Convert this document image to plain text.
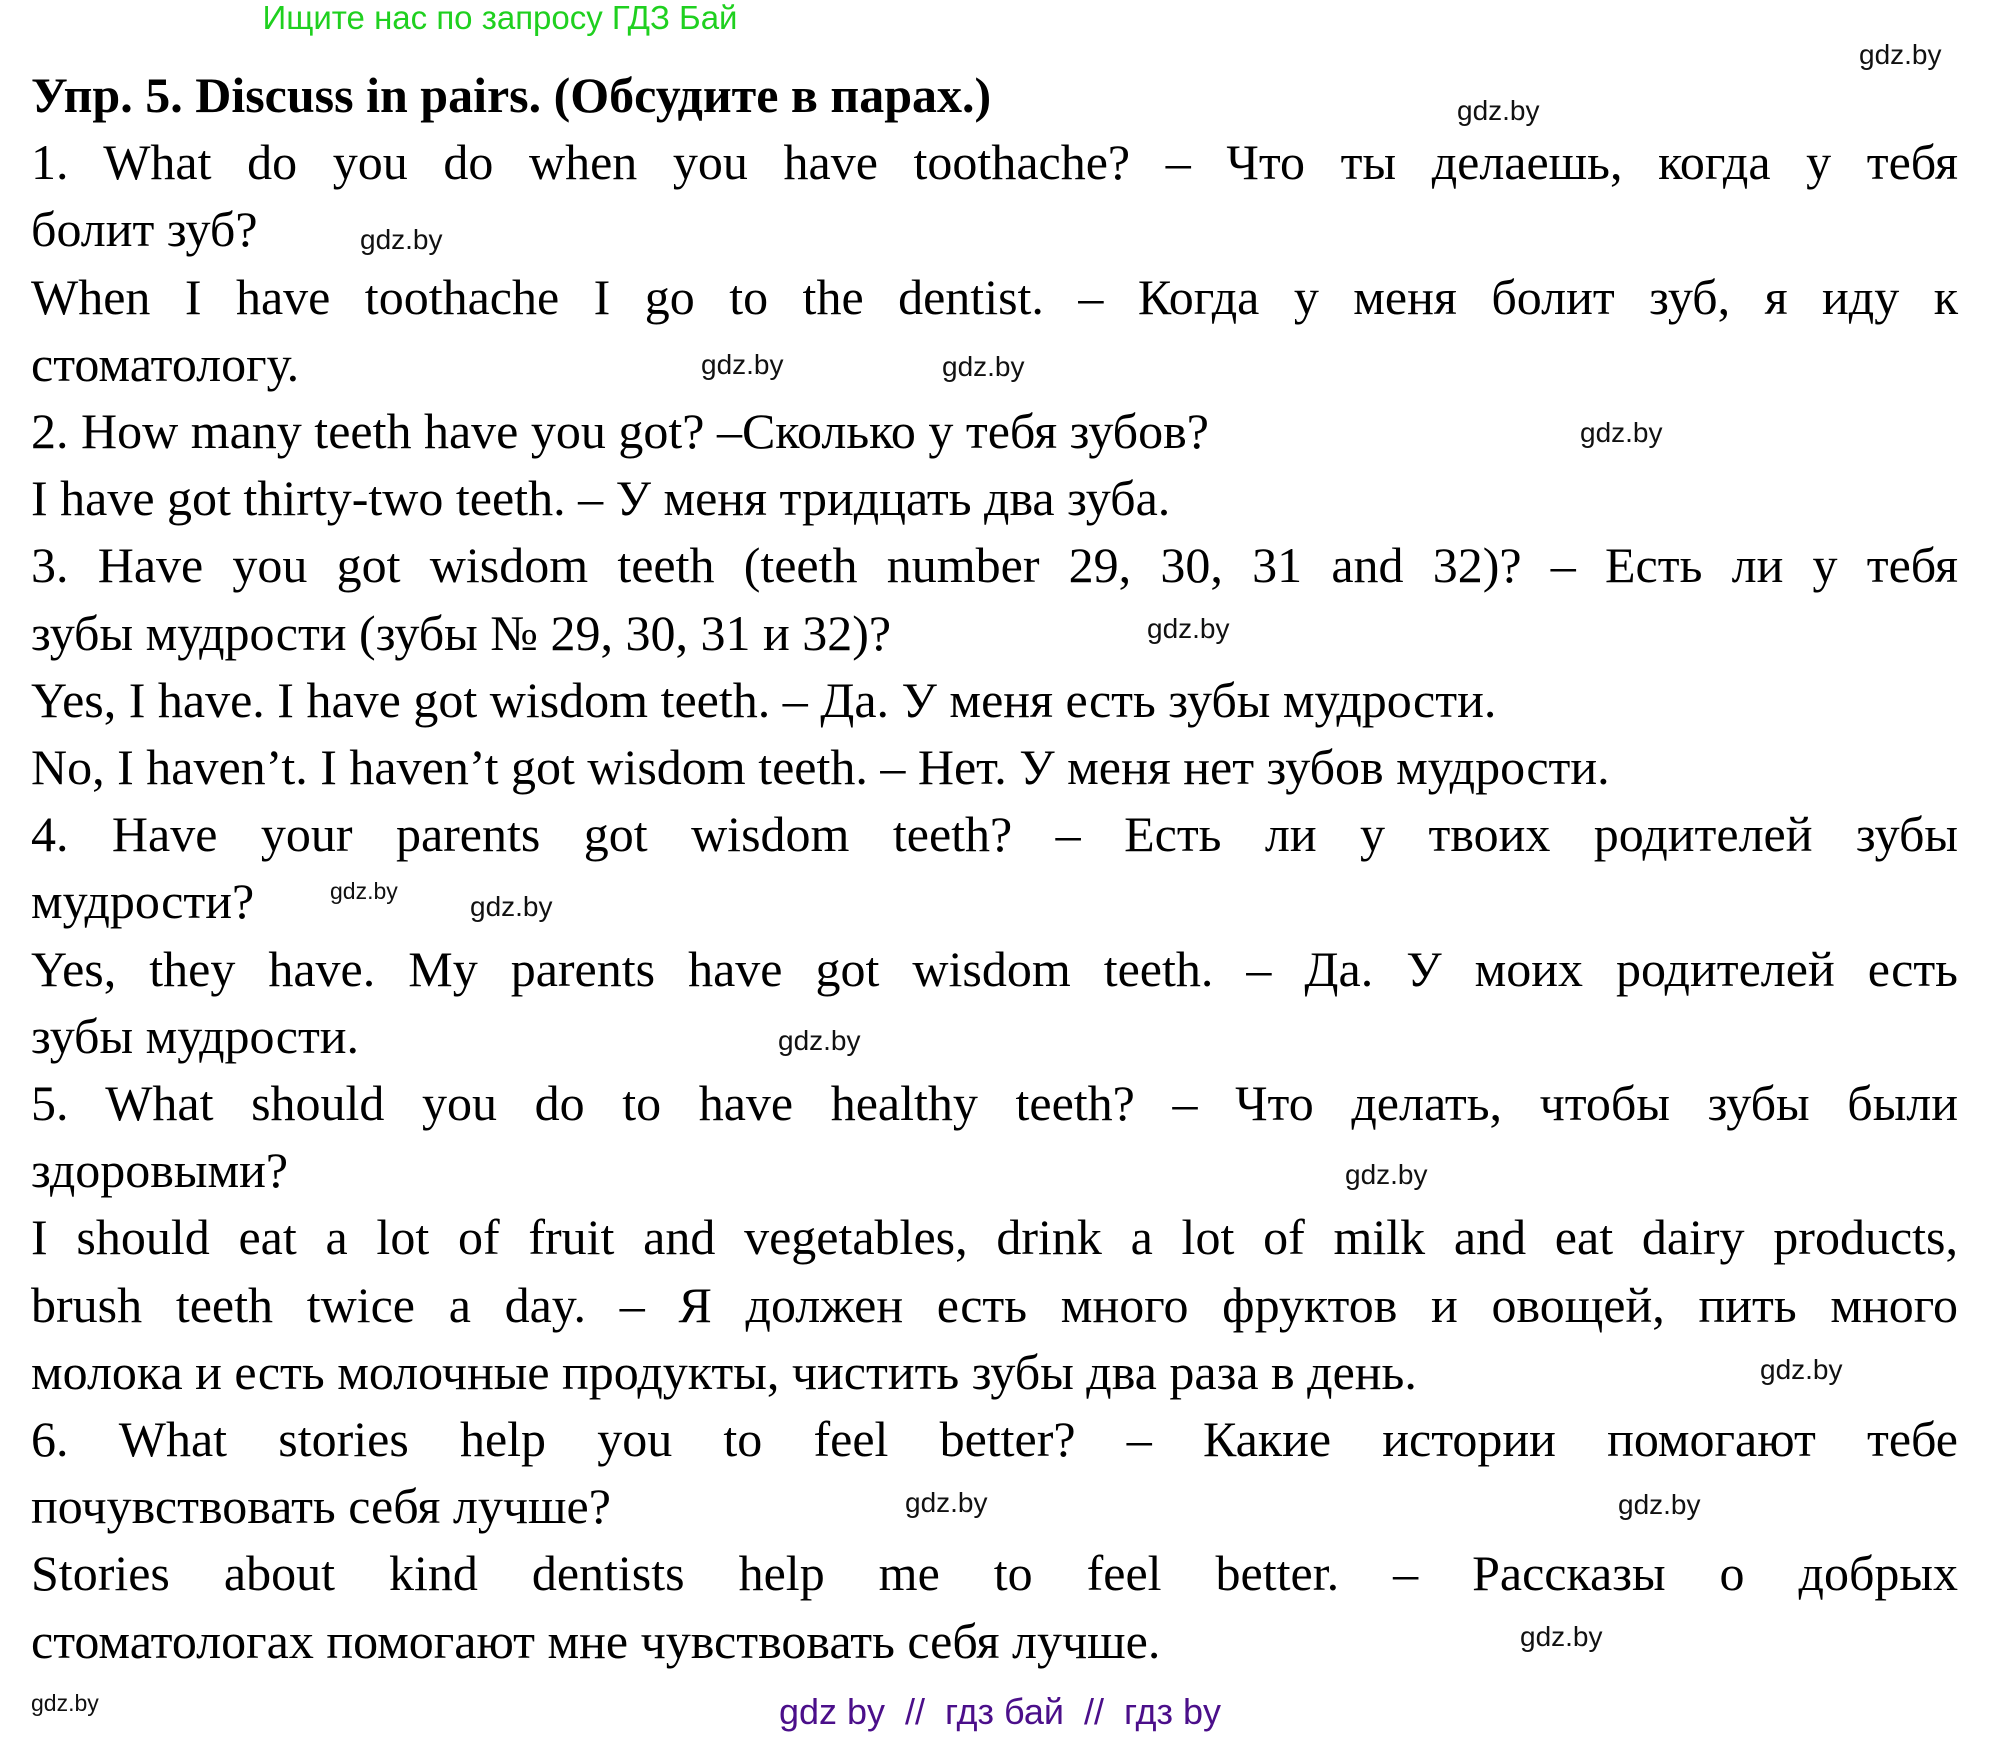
Ищите нас по запросу ГДЗ Бай
Упр. 5. Discuss in pairs. (Обсудите в парах.)
1. What do you do when you have toothache? – Что ты делаешь, когда у тебя
болит зуб?
When I have toothache I go to the dentist. – Когда у меня болит зуб, я иду к
стоматологу.
2. How many teeth have you got? –Сколько у тебя зубов?
I have got thirty-two teeth. – У меня тридцать два зуба.
3. Have you got wisdom teeth (teeth number 29, 30, 31 and 32)? – Есть ли у тебя
зубы мудрости (зубы № 29, 30, 31 и 32)?
Yes, I have. I have got wisdom teeth. – Да. У меня есть зубы мудрости.
No, I haven’t. I haven’t got wisdom teeth. – Нет. У меня нет зубов мудрости.
4. Have your parents got wisdom teeth? – Есть ли у твоих родителей зубы
мудрости?
Yes, they have. My parents have got wisdom teeth. – Да. У моих родителей есть
зубы мудрости.
5. What should you do to have healthy teeth? – Что делать, чтобы зубы были
здоровыми?
I should eat a lot of fruit and vegetables, drink a lot of milk and eat dairy products,
brush teeth twice a day. – Я должен есть много фруктов и овощей, пить много
молока и есть молочные продукты, чистить зубы два раза в день.
6. What stories help you to feel better? – Какие истории помогают тебе
почувствовать себя лучше?
Stories about kind dentists help me to feel better. – Рассказы о добрых
стоматологах помогают мне чувствовать себя лучше.
gdz.by
gdz.by
gdz.by
gdz.by	gdz.by
gdz.by
gdz.by
gdz.by	gdz.by
gdz.by
gdz.by
gdz.by
gdz.by	gdz.by
gdz.by
gdz.by	gdz by  //  гдз бай  //  гдз by
